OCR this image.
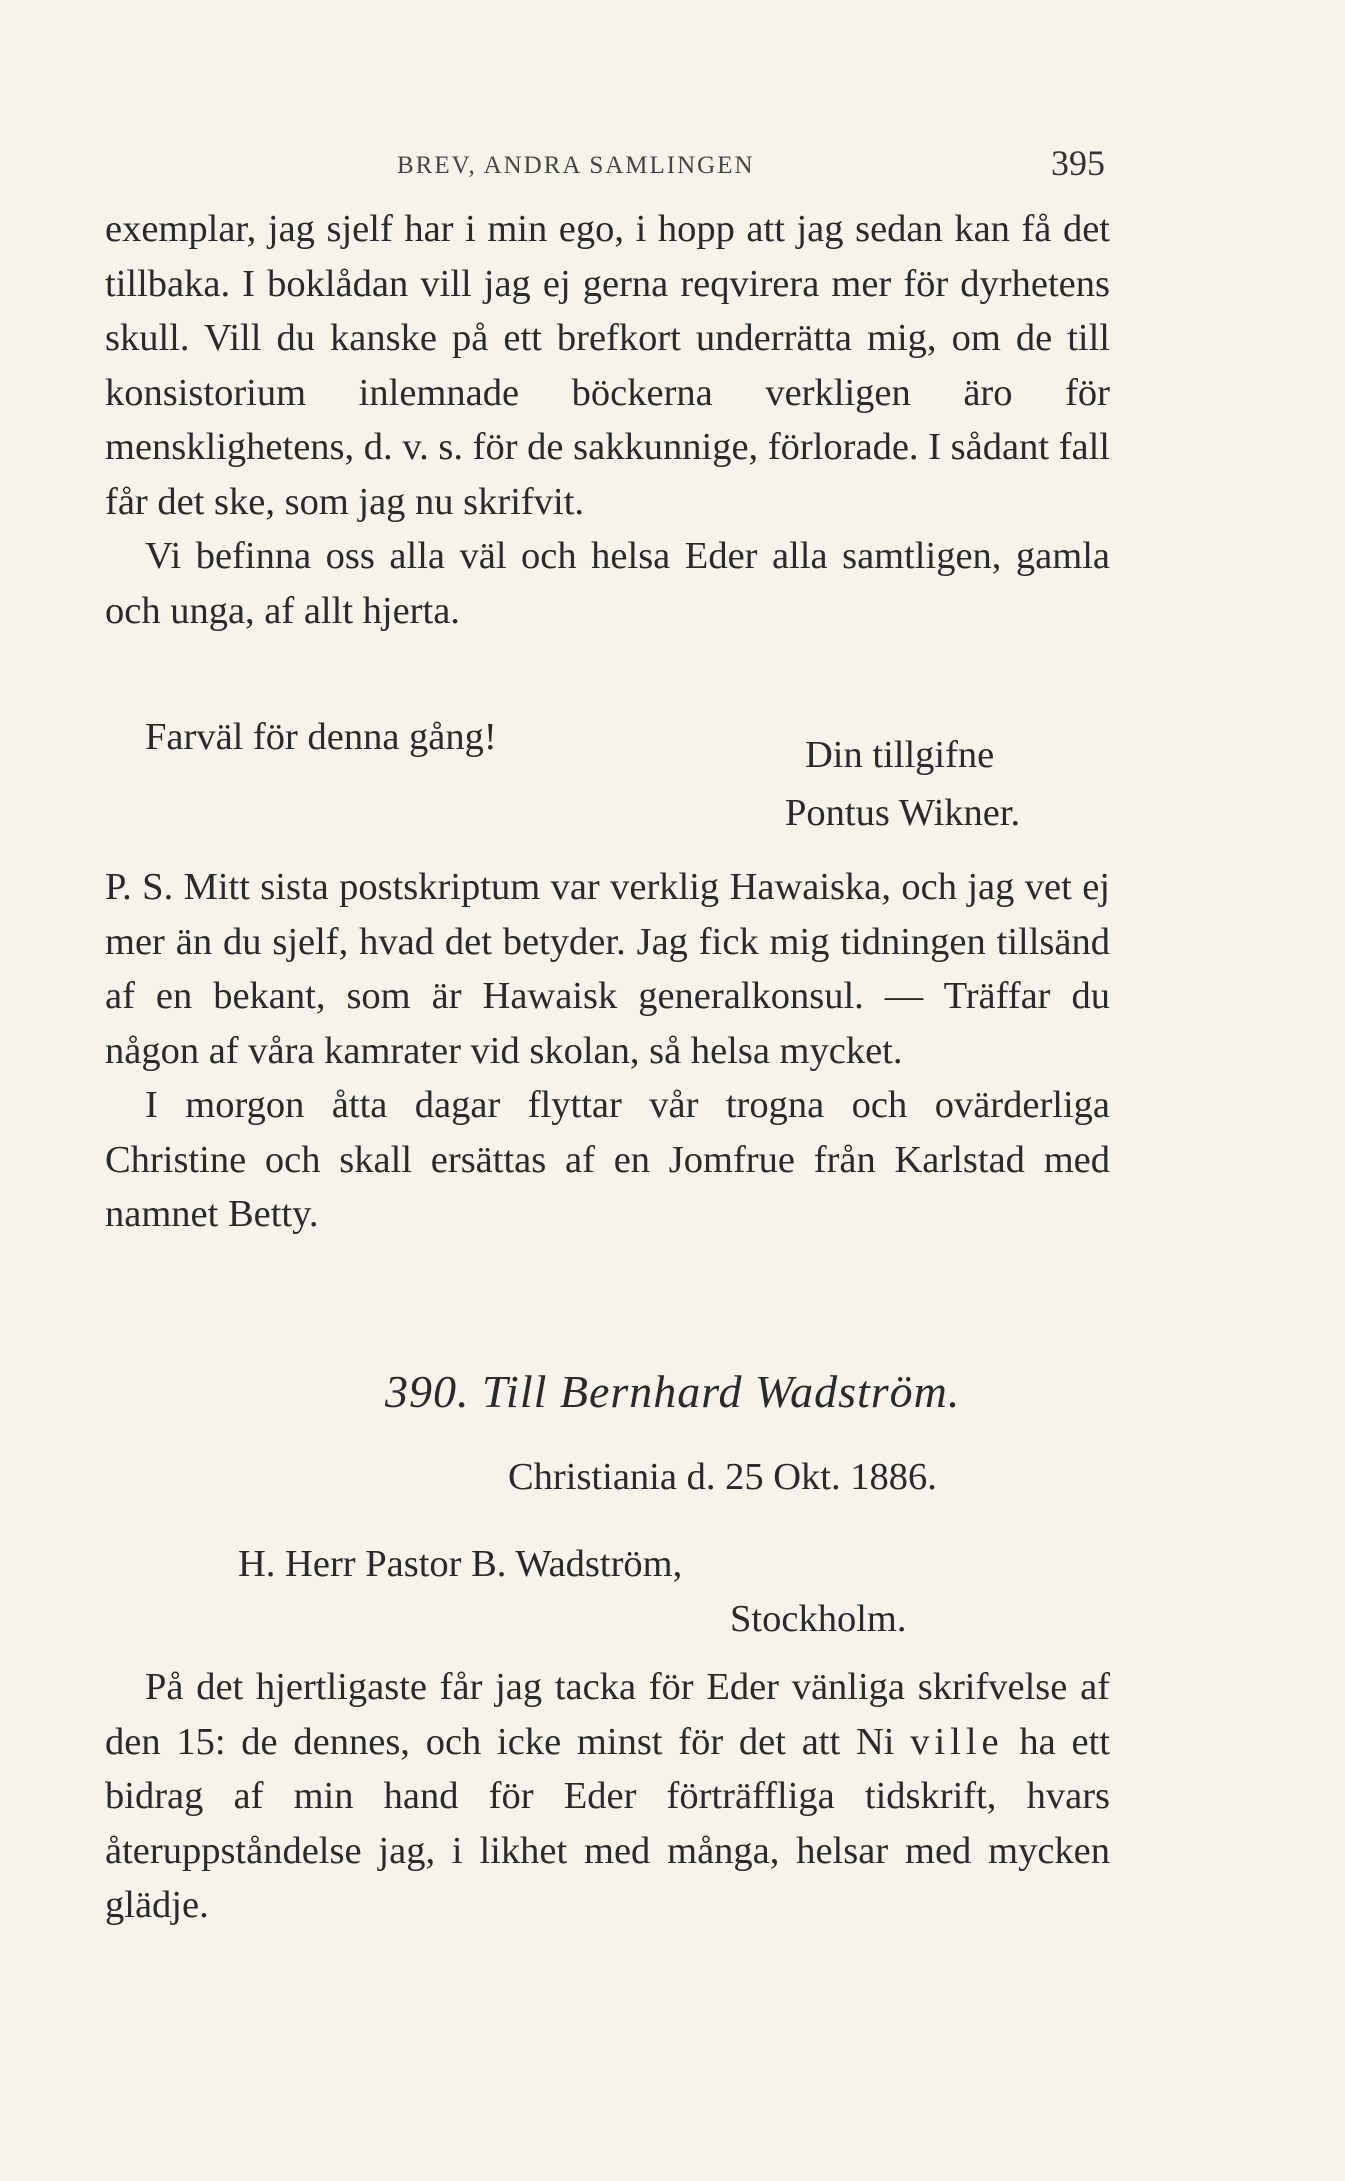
BREV, ANDRA SAMLINGEN	395

exemplar, jag sjelf har i min ego, i hopp att jag sedan kan få det tillbaka. I boklådan vill jag ej gerna reqvirera mer för dyrhetens skull. Vill du kanske på ett brefkort underrätta mig, om de till konsistorium inlemnade böckerna verkligen äro för mensklighetens, d. v. s. för de sakkunnige, förlorade. I sådant fall får det ske, som jag nu skrifvit.

Vi befinna oss alla väl och helsa Eder alla samtligen, gamla och unga, af allt hjerta.

Farväl för denna gång!	Din tillgifne
Pontus Wikner.

P. S. Mitt sista postskriptum var verklig Hawaiska, och jag vet ej mer än du sjelf, hvad det betyder. Jag fick mig tidningen tillsänd af en bekant, som är Hawaisk generalkonsul. — Träffar du någon af våra kamrater vid skolan, så helsa mycket.

I morgon åtta dagar flyttar vår trogna och ovärderliga Christine och skall ersättas af en Jomfrue från Karlstad med namnet Betty.

390. Till Bernhard Wadström.
Christiania d. 25 Okt. 1886.
H. Herr Pastor B. Wadström,
Stockholm.

På det hjertligaste får jag tacka för Eder vänliga skrifvelse af den 15: de dennes, och icke minst för det att Ni ville ha ett bidrag af min hand för Eder förträffliga tidskrift, hvars återuppståndelse jag, i likhet med många, helsar med mycken glädje.
